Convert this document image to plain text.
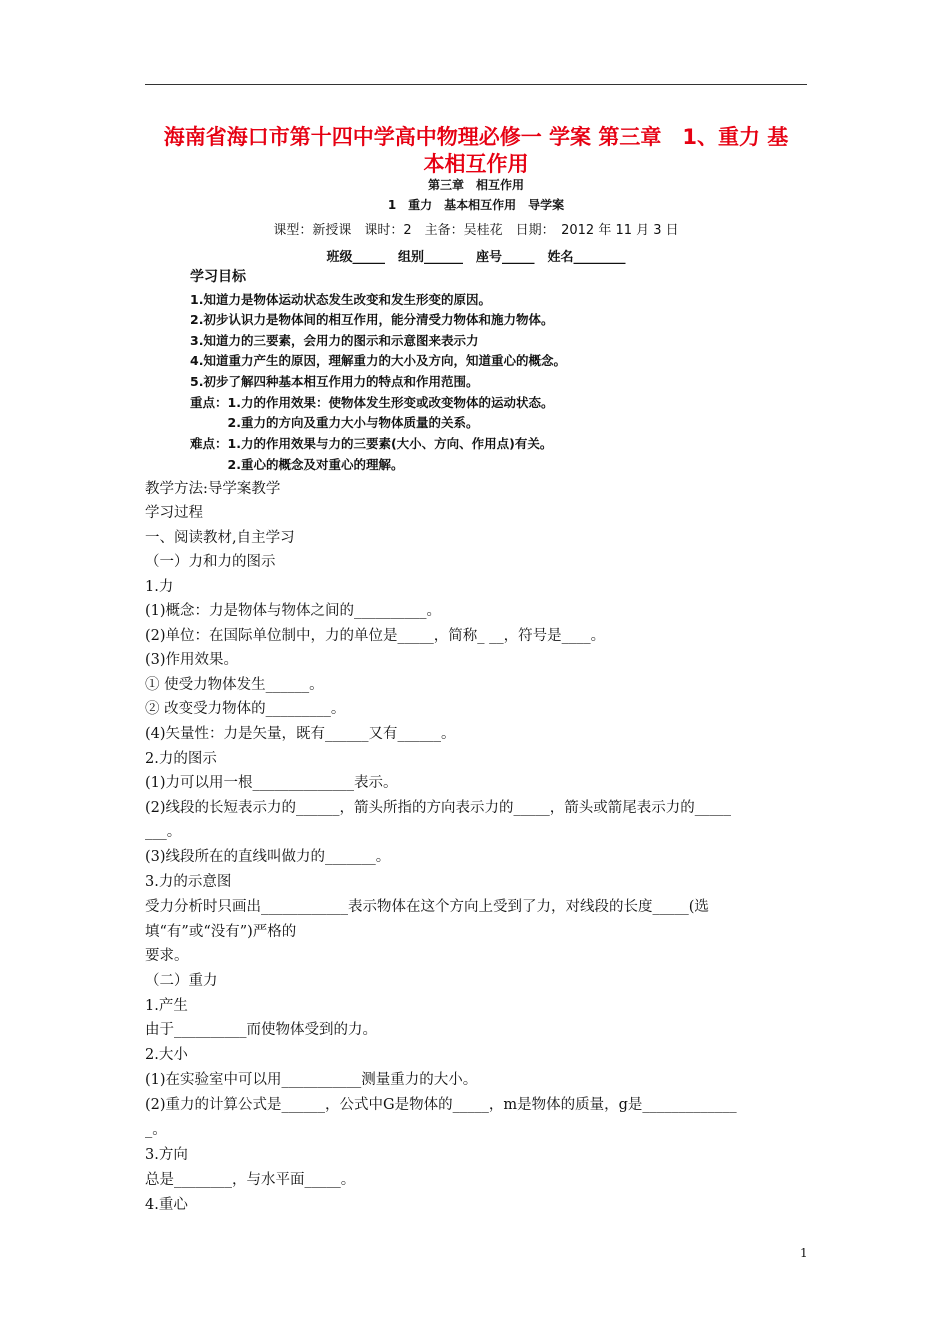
海南省海口市第十四中学高中物理必修一 学案 第三章　1、重力 基
本相互作用
第三章　相互作用
1　重力　基本相互作用　导学案
课型：新授课　课时：2　主备：吴桂花　日期：　2012 年 11 月 3 日
班级_____　组别______　座号_____　姓名________
学习目标
1.知道力是物体运动状态发生改变和发生形变的原因。
2.初步认识力是物体间的相互作用，能分清受力物体和施力物体。
3.知道力的三要素，会用力的图示和示意图来表示力
4.知道重力产生的原因，理解重力的大小及方向，知道重心的概念。
5.初步了解四种基本相互作用力的特点和作用范围。
重点：1.力的作用效果：使物体发生形变或改变物体的运动状态。
　　　2.重力的方向及重力大小与物体质量的关系。
难点：1.力的作用效果与力的三要素(大小、方向、作用点)有关。
　　　2.重心的概念及对重心的理解。
教学方法:导学案教学
学习过程
一、阅读教材,自主学习
（一）力和力的图示
1.力
(1)概念：力是物体与物体之间的__________。
(2)单位：在国际单位制中，力的单位是_____，简称_ __，符号是____。
(3)作用效果。
① 使受力物体发生______。
② 改变受力物体的_________。
(4)矢量性：力是矢量，既有______又有______。
2.力的图示
(1)力可以用一根______________表示。
(2)线段的长短表示力的______，箭头所指的方向表示力的_____，箭头或箭尾表示力的_____
___。
(3)线段所在的直线叫做力的_______。
3.力的示意图
受力分析时只画出____________表示物体在这个方向上受到了力，对线段的长度_____(选
填“有”或“没有”)严格的
要求。
（二）重力
1.产生
由于__________而使物体受到的力。
2.大小
(1)在实验室中可以用___________测量重力的大小。
(2)重力的计算公式是______，公式中G是物体的_____，m是物体的质量，g是_____________
_。
3.方向
总是________，与水平面_____。
4.重心
1
